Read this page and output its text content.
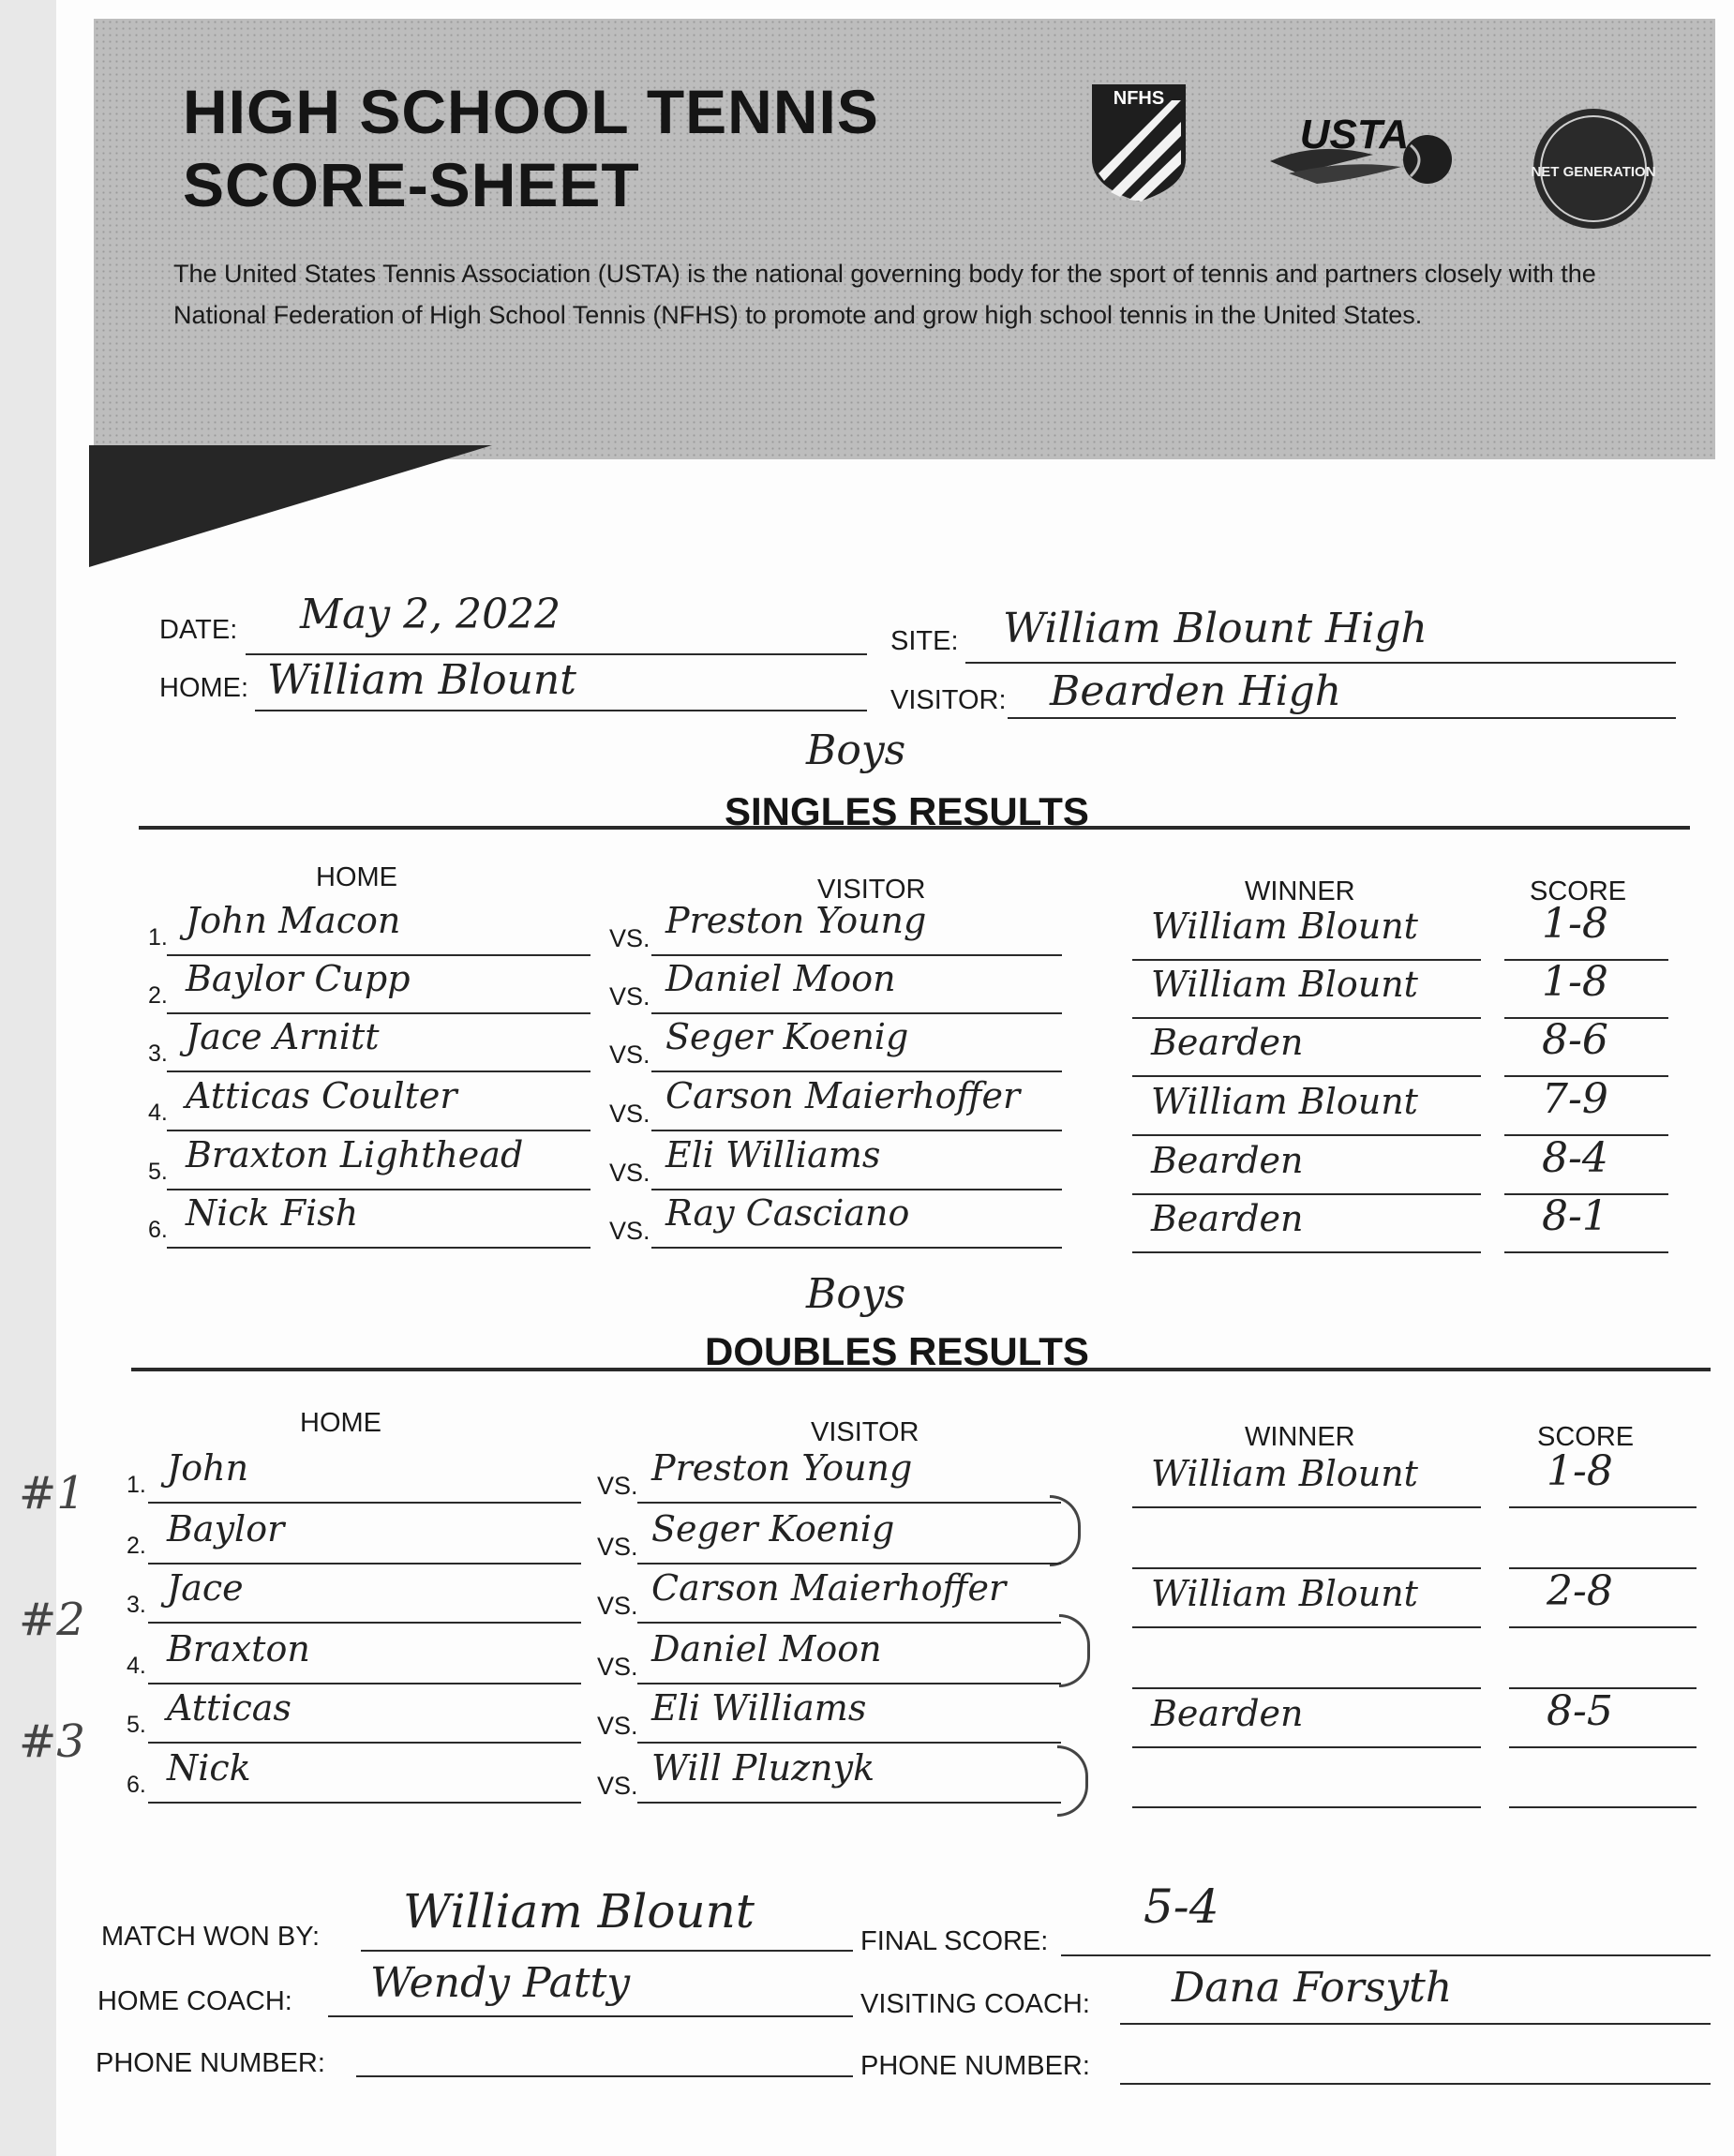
HIGH SCHOOL TENNIS
SCORE-SHEET
The United States Tennis Association (USTA) is the national governing body for the sport of tennis and partners closely with the National Federation of High School Tennis (NFHS) to promote and grow high school tennis in the United States.
NFHS
USTA
NET GENERATION
DATE: May 2, 2022
SITE: William Blount High
HOME: William Blount	VISITOR: Bearden High
Boys
SINGLES RESULTS
HOME	VISITOR	WINNER	SCORE
1. John Macon	VS. Preston Young	William Blount	1-8
2. Baylor Cupp	VS. Daniel Moon	William Blount	1-8
3. Jace Arnitt	VS. Seger Koenig	Bearden	8-6
4. Atticas Coulter	VS. Carson Maierhoffer	William Blount	7-9
5. Braxton Lighthead	VS. Eli Williams	Bearden	8-4
6. Nick Fish	VS. Ray Casciano	Bearden	8-1
Boys
DOUBLES RESULTS
HOME	VISITOR	WINNER	SCORE
#1
#2
#3
1. John	VS. Preston Young	William Blount	1-8
2. Baylor	VS. Seger Koenig
3. Jace	VS. Carson Maierhoffer	William Blount	2-8
4. Braxton	VS. Daniel Moon
5. Atticas	VS. Eli Williams	Bearden	8-5
6. Nick	VS. Will Pluznyk
MATCH WON BY: William Blount
FINAL SCORE:
5-4
HOME COACH: Wendy Patty	VISITING COACH: Dana Forsyth
PHONE NUMBER:	PHONE NUMBER:
